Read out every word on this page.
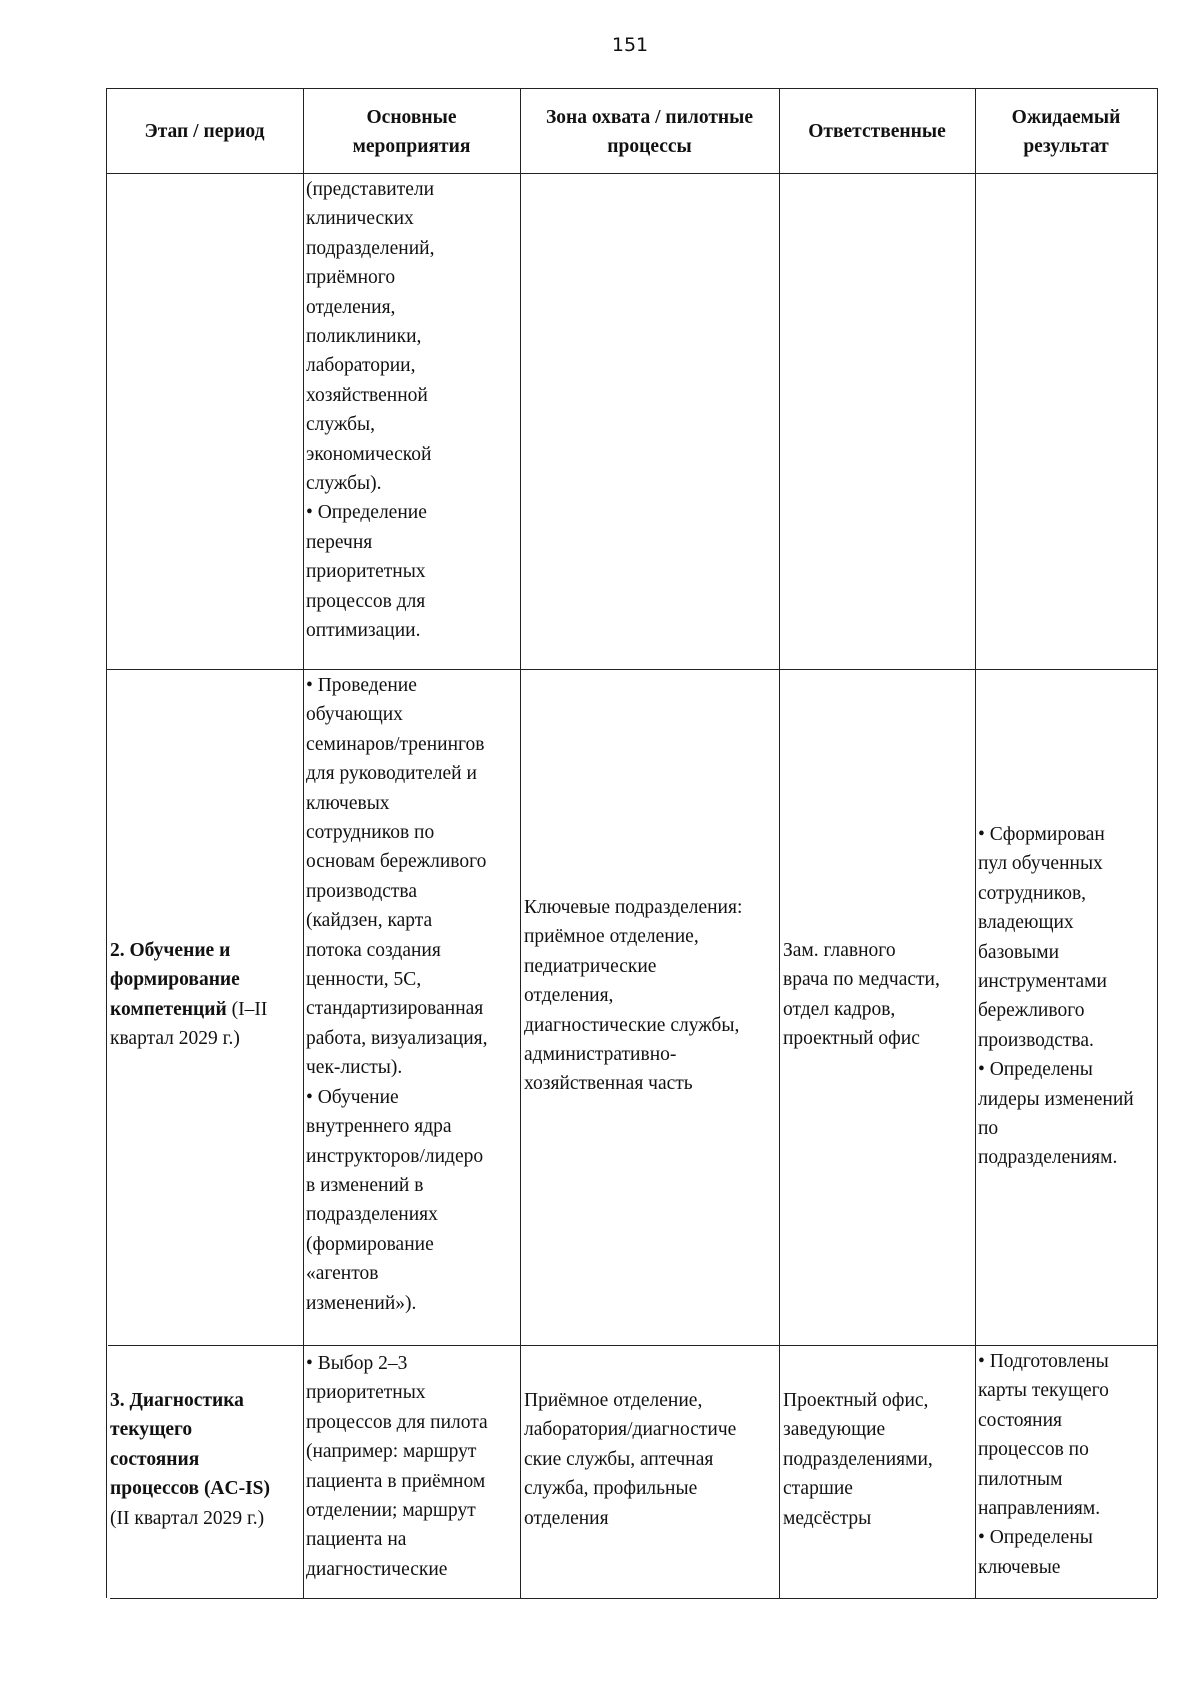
151
Этап / период
Основные
мероприятия
Зона охвата / пилотные
процессы
Ответственные
Ожидаемый
результат
(представители
клинических
подразделений,
приёмного
отделения,
поликлиники,
лаборатории,
хозяйственной
службы,
экономической
службы).
• Определение
перечня
приоритетных
процессов для
оптимизации.
2. Обучение и
формирование
компетенций (I–II
квартал 2029 г.)
• Проведение
обучающих
семинаров/тренингов
для руководителей и
ключевых
сотрудников по
основам бережливого
производства
(кайдзен, карта
потока создания
ценности, 5С,
стандартизированная
работа, визуализация,
чек-листы).
• Обучение
внутреннего ядра
инструкторов/лидеро
в изменений в
подразделениях
(формирование
«агентов
изменений»).
Ключевые подразделения:
приёмное отделение,
педиатрические
отделения,
диагностические службы,
административно-
хозяйственная часть
Зам. главного
врача по медчасти,
отдел кадров,
проектный офис
• Сформирован
пул обученных
сотрудников,
владеющих
базовыми
инструментами
бережливого
производства.
• Определены
лидеры изменений
по
подразделениям.
3. Диагностика
текущего
состояния
процессов (AC-IS)
(II квартал 2029 г.)
• Выбор 2–3
приоритетных
процессов для пилота
(например: маршрут
пациента в приёмном
отделении; маршрут
пациента на
диагностические
Приёмное отделение,
лаборатория/диагностиче
ские службы, аптечная
служба, профильные
отделения
Проектный офис,
заведующие
подразделениями,
старшие
медсёстры
• Подготовлены
карты текущего
состояния
процессов по
пилотным
направлениям.
• Определены
ключевые
